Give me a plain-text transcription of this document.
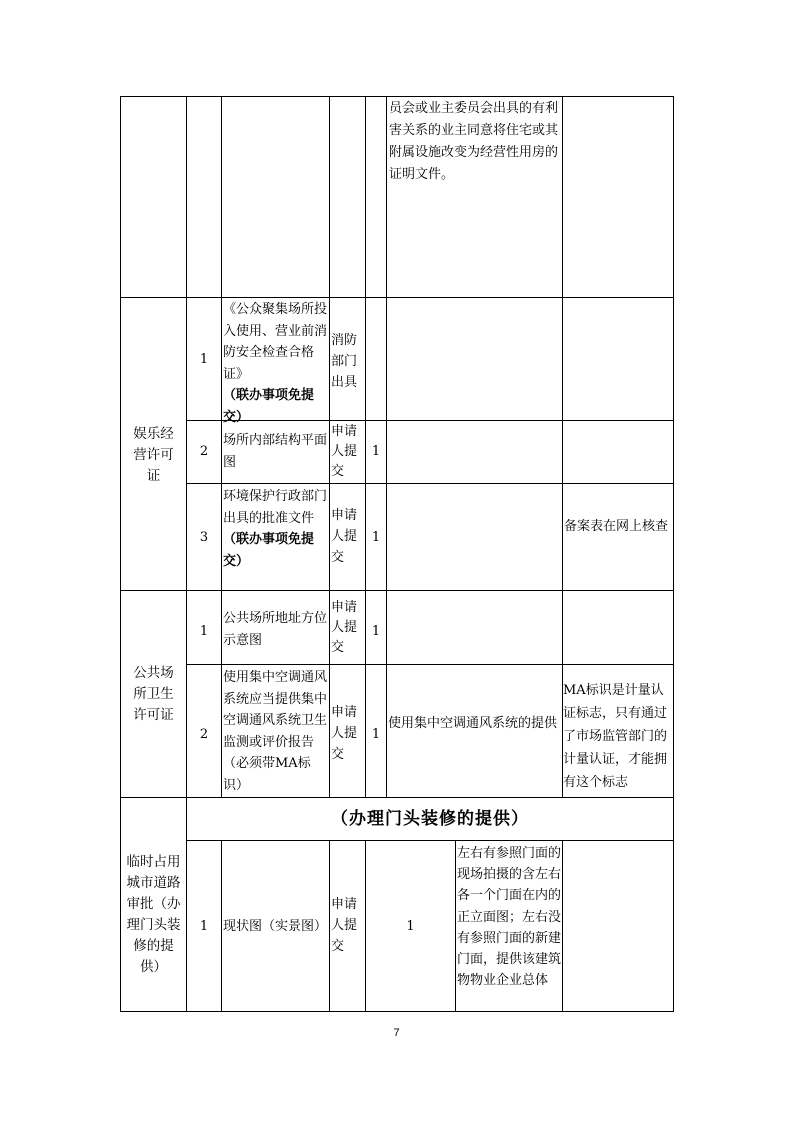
员会或业主委员会出具的有利害关系的业主同意将住宅或其附属设施改变为经营性用房的证明文件。
娱乐经营许可证
1
《公众聚集场所投入使用、营业前消防安全检查合格证》
（联办事项免提交）
消防部门出具
2
场所内部结构平面图
申请人提交
1
3
环境保护行政部门出具的批准文件
（联办事项免提交）
申请人提交
1
备案表在网上核查
公共场所卫生许可证
1
公共场所地址方位示意图
申请人提交
1
2
使用集中空调通风系统应当提供集中空调通风系统卫生监测或评价报告（必须带MA标识）
申请人提交
1
使用集中空调通风系统的提供
MA标识是计量认证标志，只有通过了市场监管部门的计量认证，才能拥有这个标志
（办理门头装修的提供）
临时占用城市道路审批（办理门头装修的提供）
1	现状图（实景图）
申请人提交
1
左右有参照门面的现场拍摄的含左右各一个门面在内的正立面图；左右没有参照门面的新建门面，提供该建筑物物业企业总体
7
